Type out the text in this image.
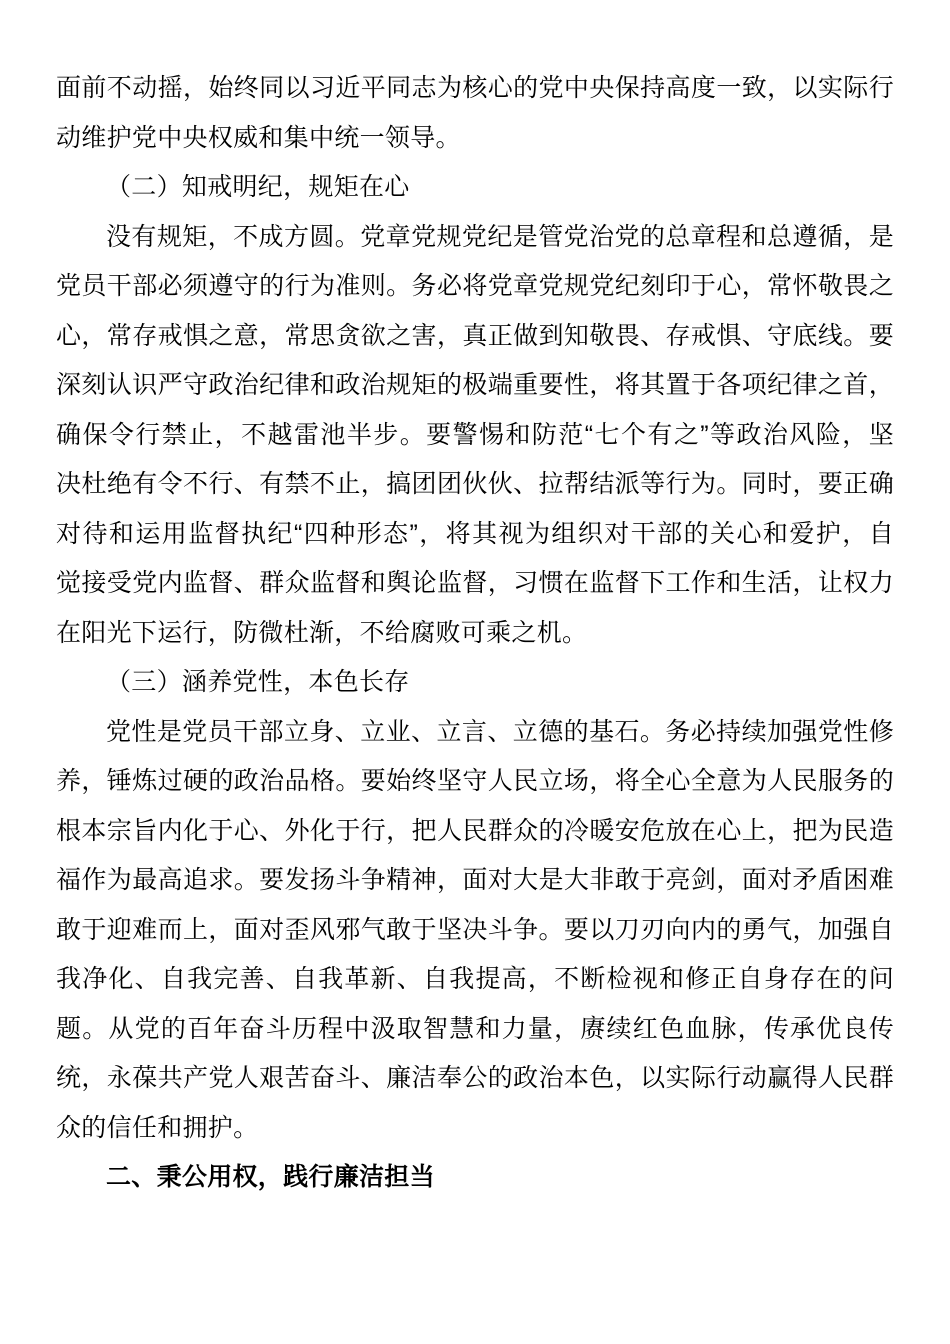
面前不动摇，始终同以习近平同志为核心的党中央保持高度一致，以实际行
动维护党中央权威和集中统一领导。
（二）知戒明纪，规矩在心
没有规矩，不成方圆。党章党规党纪是管党治党的总章程和总遵循，是
党员干部必须遵守的行为准则。务必将党章党规党纪刻印于心，常怀敬畏之
心，常存戒惧之意，常思贪欲之害，真正做到知敬畏、存戒惧、守底线。要
深刻认识严守政治纪律和政治规矩的极端重要性，将其置于各项纪律之首，
确保令行禁止，不越雷池半步。要警惕和防范“七个有之”等政治风险，坚
决杜绝有令不行、有禁不止，搞团团伙伙、拉帮结派等行为。同时，要正确
对待和运用监督执纪“四种形态”，将其视为组织对干部的关心和爱护，自
觉接受党内监督、群众监督和舆论监督，习惯在监督下工作和生活，让权力
在阳光下运行，防微杜渐，不给腐败可乘之机。
（三）涵养党性，本色长存
党性是党员干部立身、立业、立言、立德的基石。务必持续加强党性修
养，锤炼过硬的政治品格。要始终坚守人民立场，将全心全意为人民服务的
根本宗旨内化于心、外化于行，把人民群众的冷暖安危放在心上，把为民造
福作为最高追求。要发扬斗争精神，面对大是大非敢于亮剑，面对矛盾困难
敢于迎难而上，面对歪风邪气敢于坚决斗争。要以刀刃向内的勇气，加强自
我净化、自我完善、自我革新、自我提高，不断检视和修正自身存在的问
题。从党的百年奋斗历程中汲取智慧和力量，赓续红色血脉，传承优良传
统，永葆共产党人艰苦奋斗、廉洁奉公的政治本色，以实际行动赢得人民群
众的信任和拥护。
二、秉公用权，践行廉洁担当
